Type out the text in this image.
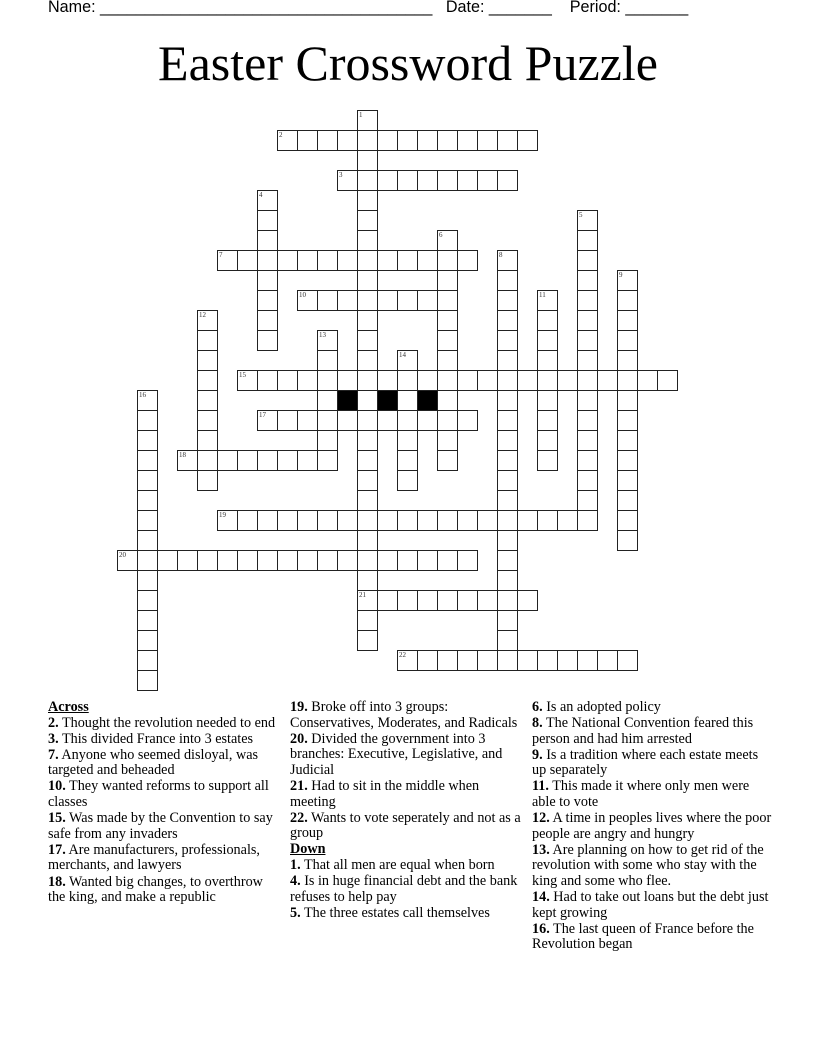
Name: _____________________________________   Date: _______    Period: _______
Easter Crossword Puzzle
1
21
2
3
4
5
6
7	8
9
10	11
12
13
14
15
16
17
18
19
20
22
Across
2. Thought the revolution needed to end
3. This divided France into 3 estates
7. Anyone who seemed disloyal, was targeted and beheaded
10. They wanted reforms to support all classes
15. Was made by the Convention to say safe from any invaders
17. Are manufacturers, professionals, merchants, and lawyers
18. Wanted big changes, to overthrow the king, and make a republic
19. Broke off into 3 groups: Conservatives, Moderates, and Radicals
20. Divided the government into 3 branches: Executive, Legislative, and Judicial
21. Had to sit in the middle when meeting
22. Wants to vote seperately and not as a group
Down
1. That all men are equal when born
4. Is in huge financial debt and the bank refuses to help pay
5. The three estates call themselves
6. Is an adopted policy
8. The National Convention feared this person and had him arrested
9. Is a tradition where each estate meets up separately
11. This made it where only men were able to vote
12. A time in peoples lives where the poor people are angry and hungry
13. Are planning on how to get rid of the revolution with some who stay with the king and some who flee.
14. Had to take out loans but the debt just kept growing
16. The last queen of France before the Revolution began
